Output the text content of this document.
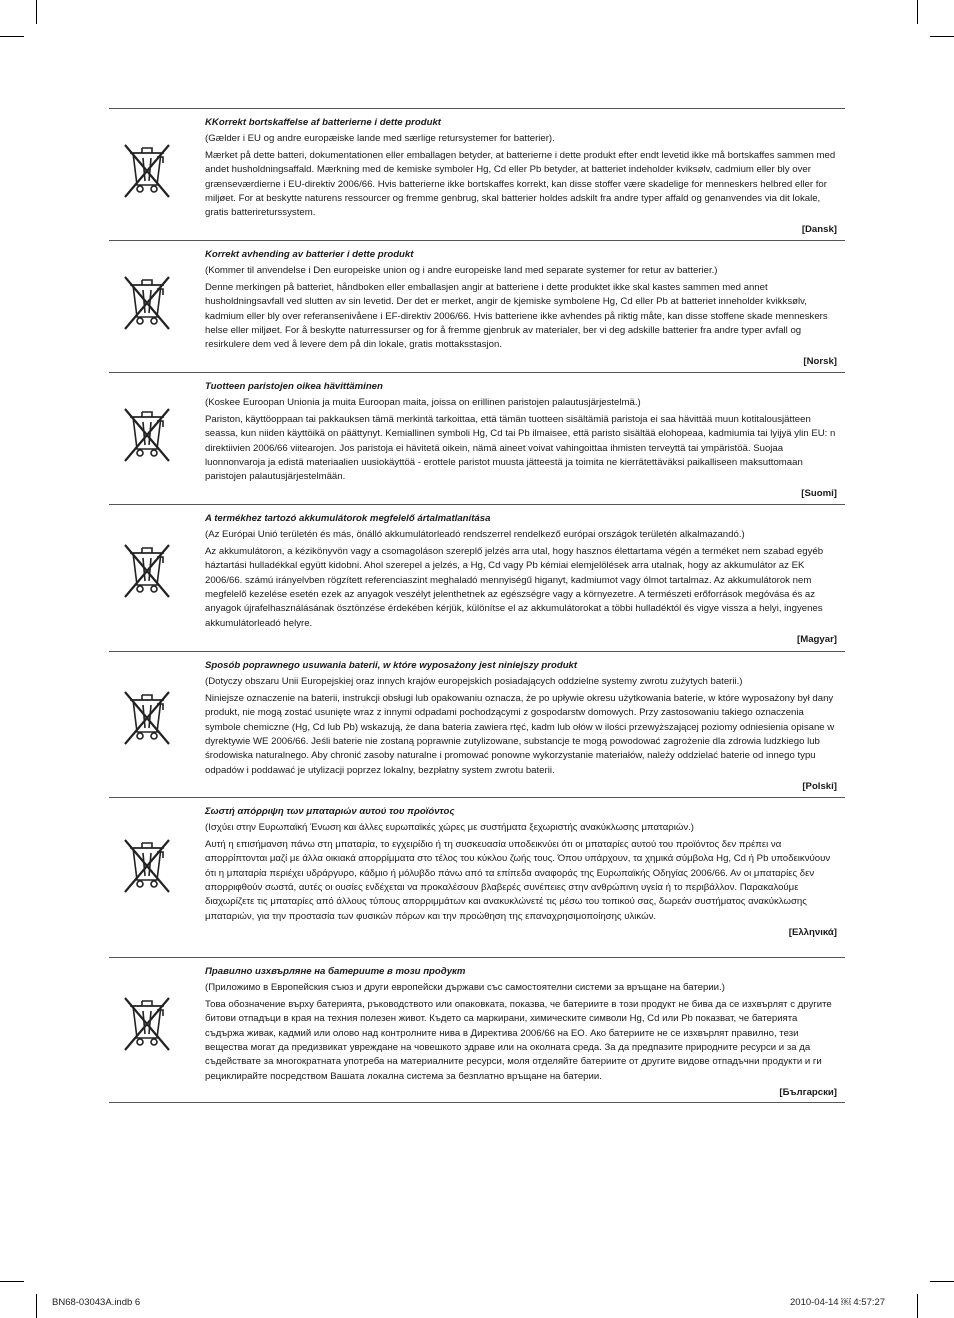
KKorrekt bortskaffelse af batterierne i dette produkt
(Gælder i EU og andre europæiske lande med særlige retursystemer for batterier).
Mærket på dette batteri, dokumentationen eller emballagen betyder, at batterierne i dette produkt efter endt levetid ikke må bortskaffes sammen med andet husholdningsaffald. Mærkning med de kemiske symboler Hg, Cd eller Pb betyder, at batteriet indeholder kviksølv, cadmium eller bly over grænseværdierne i EU-direktiv 2006/66. Hvis batterierne ikke bortskaffes korrekt, kan disse stoffer være skadelige for menneskers helbred eller for miljøet. For at beskytte naturens ressourcer og fremme genbrug, skal batterier holdes adskilt fra andre typer affald og genanvendes via dit lokale, gratis batterireturssystem.
[Dansk]
Korrekt avhending av batterier i dette produkt
(Kommer til anvendelse i Den europeiske union og i andre europeiske land med separate systemer for retur av batterier.)
Denne merkingen på batteriet, håndboken eller emballasjen angir at batteriene i dette produktet ikke skal kastes sammen med annet husholdningsavfall ved slutten av sin levetid. Der det er merket, angir de kjemiske symbolene Hg, Cd eller Pb at batteriet inneholder kvikksølv, kadmium eller bly over referansenivåene i EF-direktiv 2006/66. Hvis batteriene ikke avhendes på riktig måte, kan disse stoffene skade menneskers helse eller miljøet. For å beskytte naturressurser og for å fremme gjenbruk av materialer, ber vi deg adskille batterier fra andre typer avfall og resirkulere dem ved å levere dem på din lokale, gratis mottaksstasjon.
[Norsk]
Tuotteen paristojen oikea hävittäminen
(Koskee Euroopan Unionia ja muita Euroopan maita, joissa on erillinen paristojen palautusjärjestelmä.)
Pariston, käyttöoppaan tai pakkauksen tämä merkintä tarkoittaa, että tämän tuotteen sisältämiä paristoja ei saa hävittää muun kotitalousjätteen seassa, kun niiden käyttöikä on päättynyt. Kemiallinen symboli Hg, Cd tai Pb ilmaisee, että paristo sisältää elohopeaa, kadmiumia tai lyijyä ylin EU: n direktiivien 2006/66 viitearojen. Jos paristoja ei hävitetä oikein, nämä aineet voivat vahingoittaa ihmisten terveyttä tai ympäristöä. Suojaa luonnonvaroja ja edistä materiaalien uusiokäyttöä - erottele paristot muusta jätteestä ja toimita ne kierrätettäväksi paikalliseen maksuttomaan paristojen palautusjärjestelmään.
[Suomi]
A termékhez tartozó akkumulátorok megfelelő ártalmatlanítása
(Az Európai Unió területén és más, önálló akkumulátorleadó rendszerrel rendelkező európai országok területén alkalmazandó.)
Az akkumulátoron, a kézikönyvön vagy a csomagoláson szereplő jelzés arra utal, hogy hasznos élettartama végén a terméket nem szabad egyéb háztartási hulladékkal együtt kidobni. Ahol szerepel a jelzés, a Hg, Cd vagy Pb kémiai elemjelölések arra utalnak, hogy az akkumulátor az EK 2006/66. számú irányelvben rögzített referenciaszint meghaladó mennyiségű higanyt, kadmiumot vagy ólmot tartalmaz. Az akkumulátorok nem megfelelő kezelése esetén ezek az anyagok veszélyt jelenthetnek az egészségre vagy a környezetre. A természeti erőforrások megóvása és az anyagok újrafelhasználásának ösztönzése érdekében kérjük, különítse el az akkumulátorokat a többi hulladéktól és vigye vissza a helyi, ingyenes akkumulátorleadó helyre.
[Magyar]
Sposób poprawnego usuwania baterii, w które wyposażony jest niniejszy produkt
(Dotyczy obszaru Unii Europejskiej oraz innych krajów europejskich posiadających oddzielne systemy zwrotu zużytych baterii.)
Niniejsze oznaczenie na baterii, instrukcji obsługi lub opakowaniu oznacza, że po upływie okresu użytkowania baterie, w które wyposażony był dany produkt, nie mogą zostać usunięte wraz z innymi odpadami pochodzącymi z gospodarstw domowych. Przy zastosowaniu takiego oznaczenia symbole chemiczne (Hg, Cd lub Pb) wskazują, że dana bateria zawiera rtęć, kadm lub ołów w ilości przewyższającej poziomy odniesienia opisane w dyrektywie WE 2006/66. Jeśli baterie nie zostaną poprawnie zutylizowane, substancje te mogą powodować zagrożenie dla zdrowia ludzkiego lub środowiska naturalnego. Aby chronić zasoby naturalne i promować ponowne wykorzystanie materiałów, należy oddzielać baterie od innego typu odpadów i poddawać je utylizacji poprzez lokalny, bezpłatny system zwrotu baterii.
[Polski]
Σωστή απόρριψη των μπαταριών αυτού του προϊόντος
(Ισχύει στην Ευρωπαϊκή Ένωση και άλλες ευρωπαϊκές χώρες με συστήματα ξεχωριστής ανακύκλωσης μπαταριών.)
Αυτή η επισήμανση πάνω στη μπαταρία, το εγχειρίδιο ή τη συσκευασία υποδεικνύει ότι οι μπαταρίες αυτού του προϊόντος δεν πρέπει να απορρίπτονται μαζί με άλλα οικιακά απορρίμματα στο τέλος του κύκλου ζωής τους. Όπου υπάρχουν, τα χημικά σύμβολα Hg, Cd ή Pb υποδεικνύουν ότι η μπαταρία περιέχει υδράργυρο, κάδμιο ή μόλυβδο πάνω από τα επίπεδα αναφοράς της Ευρωπαϊκής Οδηγίας 2006/66. Αν οι μπαταρίες δεν απορριφθούν σωστά, αυτές οι ουσίες ενδέχεται να προκαλέσουν βλαβερές συνέπειες στην ανθρώπινη υγεία ή το περιβάλλον. Παρακαλούμε διαχωρίζετε τις μπαταρίες από άλλους τύπους απορριμμάτων και ανακυκλώνετέ τις μέσω του τοπικού σας, δωρεάν συστήματος ανακύκλωσης μπαταριών, για την προστασία των φυσικών πόρων και την προώθηση της επαναχρησιμοποίησης υλικών.
[Ελληνικά]
Правилно изхвърляне на батериите в този продукт
(Приложимо в Европейския съюз и други европейски държави със самостоятелни системи за връщане на батерии.)
Това обозначение върху батерията, ръководството или опаковката, показва, че батериите в този продукт не бива да се изхвърлят с другите битови отпадъци в края на техния полезен живот. Където са маркирани, химическите символи Hg, Cd или Pb показват, че батерията съдържа живак, кадмий или олово над контролните нива в Директива 2006/66 на ЕО. Ако батериите не се изхвърлят правилно, тези вещества могат да предизвикат увреждане на човешкото здраве или на околната среда. За да предпазите природните ресурси и за да съдействате за многократната употреба на материалните ресурси, моля отделяйте батериите от другите видове отпадъчни продукти и ги рециклирайте посредством Вашата локална система за безплатно връщане на батерии.
[Български]
BN68-03043A.indb 6	2010-04-14 ￼ 4:57:27
